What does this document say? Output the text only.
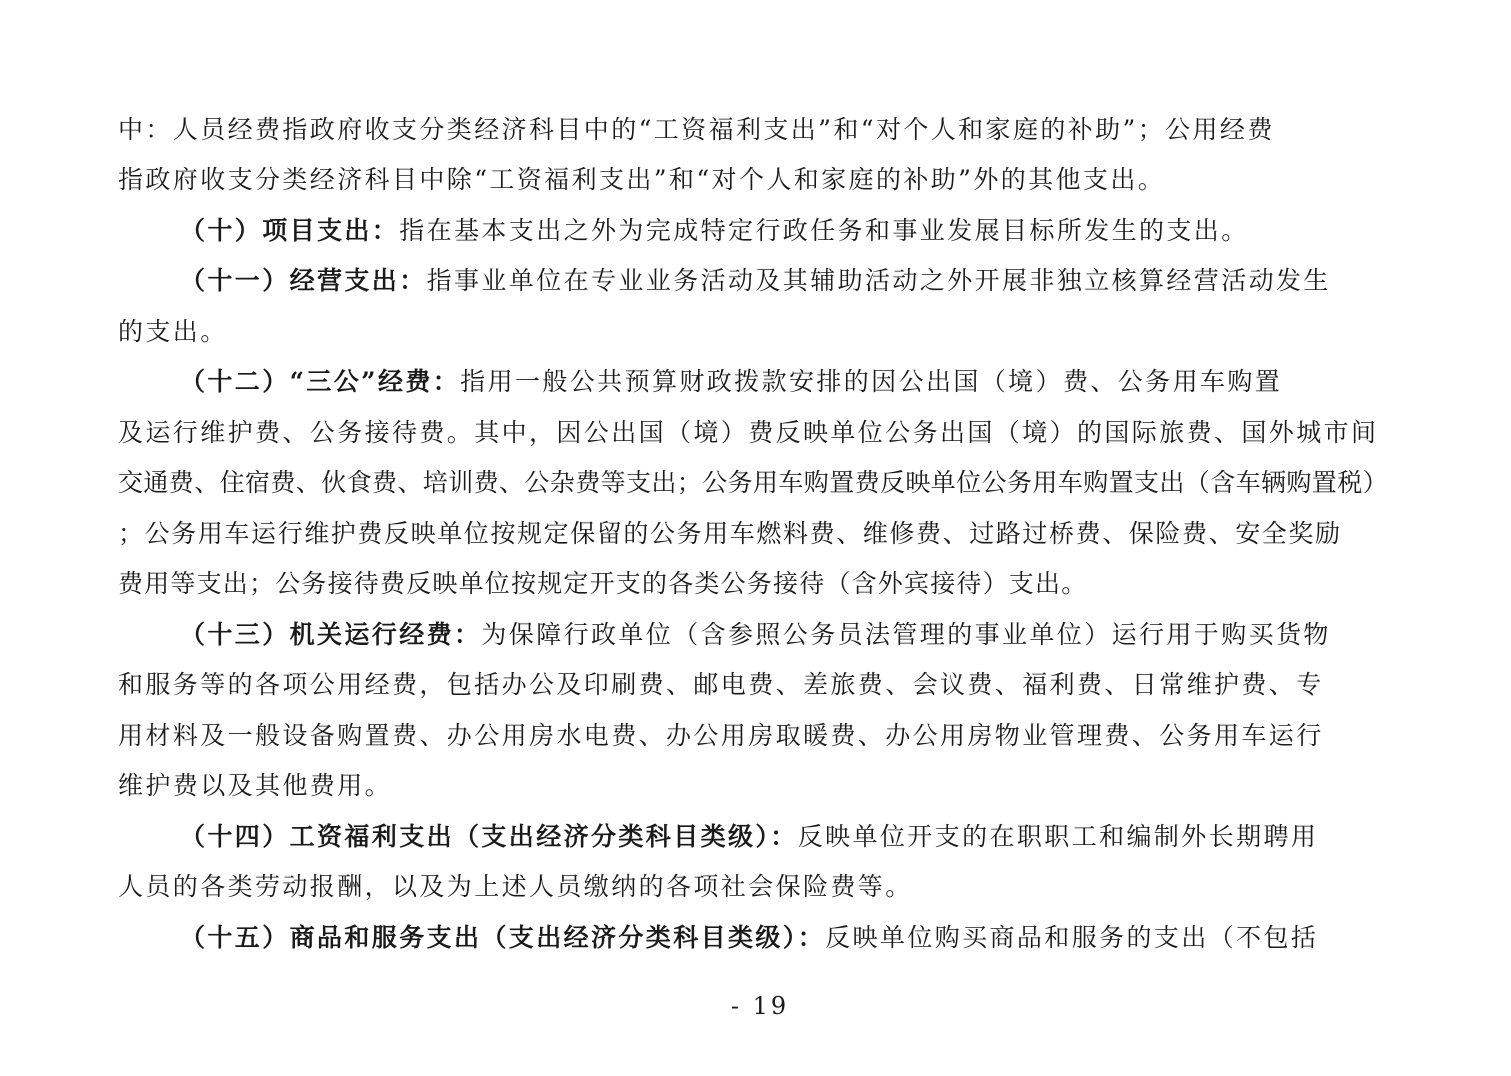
中：人员经费指政府收支分类经济科目中的“工资福利支出”和“对个人和家庭的补助”；公用经费
指政府收支分类经济科目中除“工资福利支出”和“对个人和家庭的补助”外的其他支出。
（十）项目支出：指在基本支出之外为完成特定行政任务和事业发展目标所发生的支出。
（十一）经营支出：指事业单位在专业业务活动及其辅助活动之外开展非独立核算经营活动发生
的支出。
（十二）“三公”经费：指用一般公共预算财政拨款安排的因公出国（境）费、公务用车购置
及运行维护费、公务接待费。其中，因公出国（境）费反映单位公务出国（境）的国际旅费、国外城市间
交通费、住宿费、伙食费、培训费、公杂费等支出；公务用车购置费反映单位公务用车购置支出（含车辆购置税）
；公务用车运行维护费反映单位按规定保留的公务用车燃料费、维修费、过路过桥费、保险费、安全奖励
费用等支出；公务接待费反映单位按规定开支的各类公务接待（含外宾接待）支出。
（十三）机关运行经费：为保障行政单位（含参照公务员法管理的事业单位）运行用于购买货物
和服务等的各项公用经费，包括办公及印刷费、邮电费、差旅费、会议费、福利费、日常维护费、专
用材料及一般设备购置费、办公用房水电费、办公用房取暖费、办公用房物业管理费、公务用车运行
维护费以及其他费用。
（十四）工资福利支出（支出经济分类科目类级）：反映单位开支的在职职工和编制外长期聘用
人员的各类劳动报酬，以及为上述人员缴纳的各项社会保险费等。
（十五）商品和服务支出（支出经济分类科目类级）：反映单位购买商品和服务的支出（不包括
- 19
